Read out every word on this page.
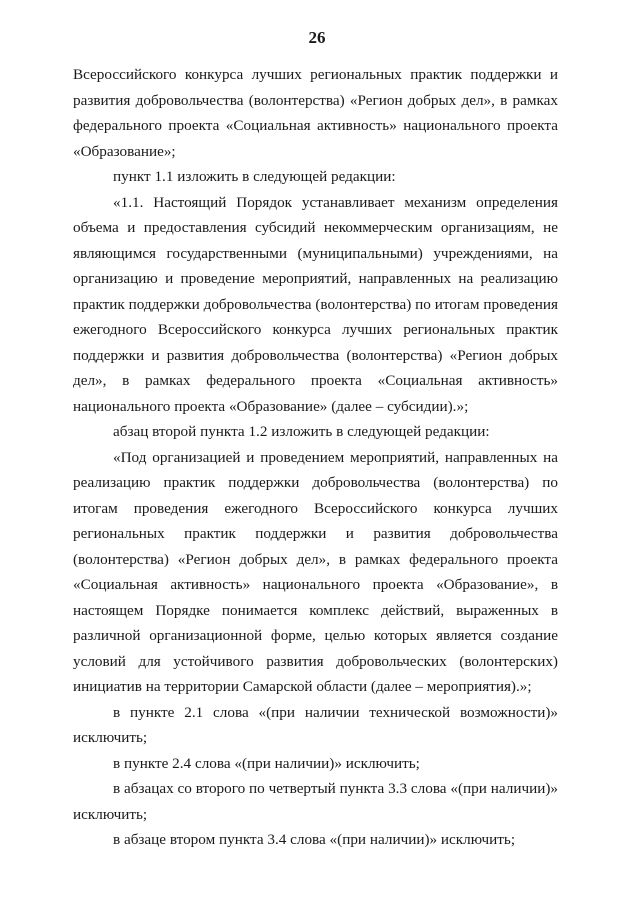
26

Всероссийского конкурса лучших региональных практик поддержки и развития добровольчества (волонтерства) «Регион добрых дел», в рамках федерального проекта «Социальная активность» национального проекта «Образование»;

пункт 1.1 изложить в следующей редакции:

«1.1. Настоящий Порядок устанавливает механизм определения объема и предоставления субсидий некоммерческим организациям, не являющимся государственными (муниципальными) учреждениями, на организацию и проведение мероприятий, направленных на реализацию практик поддержки добровольчества (волонтерства) по итогам проведения ежегодного Всероссийского конкурса лучших региональных практик поддержки и развития добровольчества (волонтерства) «Регион добрых дел», в рамках федерального проекта «Социальная активность» национального проекта «Образование» (далее – субсидии).»;

абзац второй пункта 1.2 изложить в следующей редакции:

«Под организацией и проведением мероприятий, направленных на реализацию практик поддержки добровольчества (волонтерства) по итогам проведения ежегодного Всероссийского конкурса лучших региональных практик поддержки и развития добровольчества (волонтерства) «Регион добрых дел», в рамках федерального проекта «Социальная активность» национального проекта «Образование», в настоящем Порядке понимается комплекс действий, выраженных в различной организационной форме, целью которых является создание условий для устойчивого развития добровольческих (волонтерских) инициатив на территории Самарской области (далее – мероприятия).»;

в пункте 2.1 слова «(при наличии технической возможности)» исключить;

в пункте 2.4 слова «(при наличии)» исключить;

в абзацах со второго по четвертый пункта 3.3 слова «(при наличии)» исключить;

в абзаце втором пункта 3.4 слова «(при наличии)» исключить;
